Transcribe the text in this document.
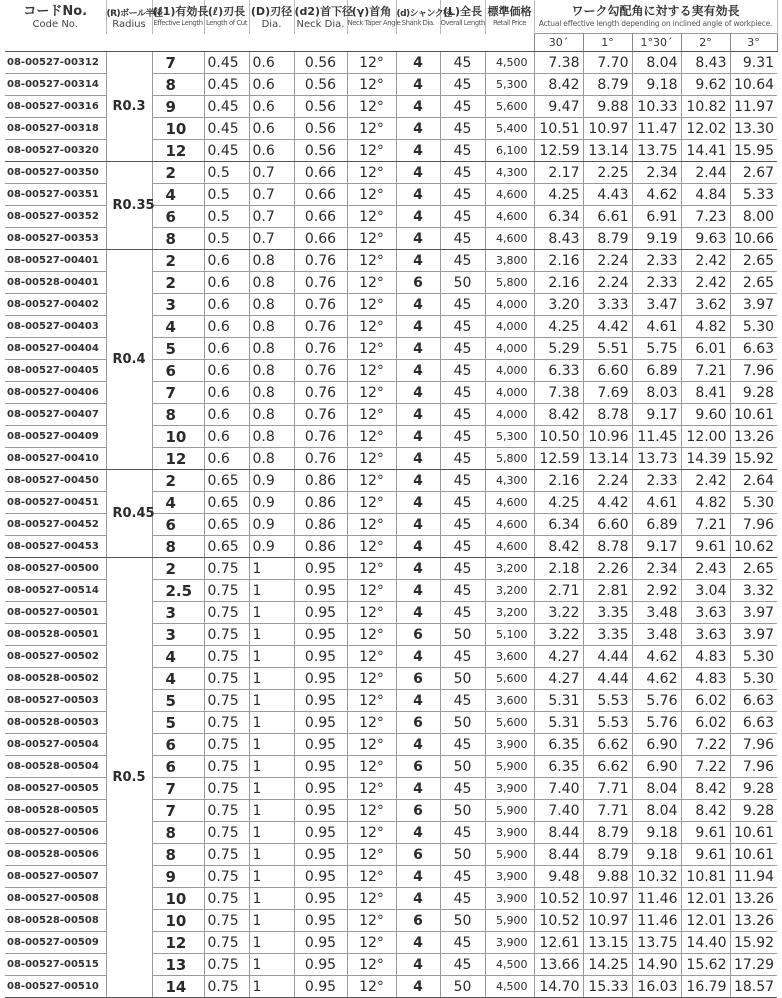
コードNo.	(R)ボール半径	(ℓ1)有効長	(ℓ)刃長	(D)刃径	(d2)首下径	(γ)首角	(d)シャンク径	(L)全長	標準価格	ワーク勾配角に対する実有効長				
Code No.	Radius	Effective Length	Length of Cut	Dia.	Neck Dia.	Neck Taper Angle	Shank Dia.	Overall Length	Retail Price	Actual effective length depending on inclined angle of workpiece.				
										30´	1°	1°30´	2°	3°
08-00527-00312	R0.3	7	0.45	0.6	0.56	12°	4	45	4,500	7.38	7.70	8.04	8.43	9.31
08-00527-00314		8	0.45	0.6	0.56	12°	4	45	5,300	8.42	8.79	9.18	9.62	10.64
08-00527-00316		9	0.45	0.6	0.56	12°	4	45	5,600	9.47	9.88	10.33	10.82	11.97
08-00527-00318		10	0.45	0.6	0.56	12°	4	45	5,400	10.51	10.97	11.47	12.02	13.30
08-00527-00320		12	0.45	0.6	0.56	12°	4	45	6,100	12.59	13.14	13.75	14.41	15.95
08-00527-00350	R0.35	2	0.5	0.7	0.66	12°	4	45	4,300	2.17	2.25	2.34	2.44	2.67
08-00527-00351		4	0.5	0.7	0.66	12°	4	45	4,600	4.25	4.43	4.62	4.84	5.33
08-00527-00352		6	0.5	0.7	0.66	12°	4	45	4,600	6.34	6.61	6.91	7.23	8.00
08-00527-00353		8	0.5	0.7	0.66	12°	4	45	4,600	8.43	8.79	9.19	9.63	10.66
08-00527-00401	R0.4	2	0.6	0.8	0.76	12°	4	45	3,800	2.16	2.24	2.33	2.42	2.65
08-00528-00401		2	0.6	0.8	0.76	12°	6	50	5,800	2.16	2.24	2.33	2.42	2.65
08-00527-00402		3	0.6	0.8	0.76	12°	4	45	4,000	3.20	3.33	3.47	3.62	3.97
08-00527-00403		4	0.6	0.8	0.76	12°	4	45	4,000	4.25	4.42	4.61	4.82	5.30
08-00527-00404		5	0.6	0.8	0.76	12°	4	45	4,000	5.29	5.51	5.75	6.01	6.63
08-00527-00405		6	0.6	0.8	0.76	12°	4	45	4,000	6.33	6.60	6.89	7.21	7.96
08-00527-00406		7	0.6	0.8	0.76	12°	4	45	4,000	7.38	7.69	8.03	8.41	9.28
08-00527-00407		8	0.6	0.8	0.76	12°	4	45	4,000	8.42	8.78	9.17	9.60	10.61
08-00527-00409		10	0.6	0.8	0.76	12°	4	45	5,300	10.50	10.96	11.45	12.00	13.26
08-00527-00410		12	0.6	0.8	0.76	12°	4	45	5,800	12.59	13.14	13.73	14.39	15.92
08-00527-00450	R0.45	2	0.65	0.9	0.86	12°	4	45	4,300	2.16	2.24	2.33	2.42	2.64
08-00527-00451		4	0.65	0.9	0.86	12°	4	45	4,600	4.25	4.42	4.61	4.82	5.30
08-00527-00452		6	0.65	0.9	0.86	12°	4	45	4,600	6.34	6.60	6.89	7.21	7.96
08-00527-00453		8	0.65	0.9	0.86	12°	4	45	4,600	8.42	8.78	9.17	9.61	10.62
08-00527-00500	R0.5	2	0.75	1	0.95	12°	4	45	3,200	2.18	2.26	2.34	2.43	2.65
08-00527-00514		2.5	0.75	1	0.95	12°	4	45	3,200	2.71	2.81	2.92	3.04	3.32
08-00527-00501		3	0.75	1	0.95	12°	4	45	3,200	3.22	3.35	3.48	3.63	3.97
08-00528-00501		3	0.75	1	0.95	12°	6	50	5,100	3.22	3.35	3.48	3.63	3.97
08-00527-00502		4	0.75	1	0.95	12°	4	45	3,600	4.27	4.44	4.62	4.83	5.30
08-00528-00502		4	0.75	1	0.95	12°	6	50	5,600	4.27	4.44	4.62	4.83	5.30
08-00527-00503		5	0.75	1	0.95	12°	4	45	3,600	5.31	5.53	5.76	6.02	6.63
08-00528-00503		5	0.75	1	0.95	12°	6	50	5,600	5.31	5.53	5.76	6.02	6.63
08-00527-00504		6	0.75	1	0.95	12°	4	45	3,900	6.35	6.62	6.90	7.22	7.96
08-00528-00504		6	0.75	1	0.95	12°	6	50	5,900	6.35	6.62	6.90	7.22	7.96
08-00527-00505		7	0.75	1	0.95	12°	4	45	3,900	7.40	7.71	8.04	8.42	9.28
08-00528-00505		7	0.75	1	0.95	12°	6	50	5,900	7.40	7.71	8.04	8.42	9.28
08-00527-00506		8	0.75	1	0.95	12°	4	45	3,900	8.44	8.79	9.18	9.61	10.61
08-00528-00506		8	0.75	1	0.95	12°	6	50	5,900	8.44	8.79	9.18	9.61	10.61
08-00527-00507		9	0.75	1	0.95	12°	4	45	3,900	9.48	9.88	10.32	10.81	11.94
08-00527-00508		10	0.75	1	0.95	12°	4	45	3,900	10.52	10.97	11.46	12.01	13.26
08-00528-00508		10	0.75	1	0.95	12°	6	50	5,900	10.52	10.97	11.46	12.01	13.26
08-00527-00509		12	0.75	1	0.95	12°	4	45	3,900	12.61	13.15	13.75	14.40	15.92
08-00527-00515		13	0.75	1	0.95	12°	4	45	4,500	13.66	14.25	14.90	15.62	17.29
08-00527-00510		14	0.75	1	0.95	12°	4	50	4,500	14.70	15.33	16.03	16.79	18.57
